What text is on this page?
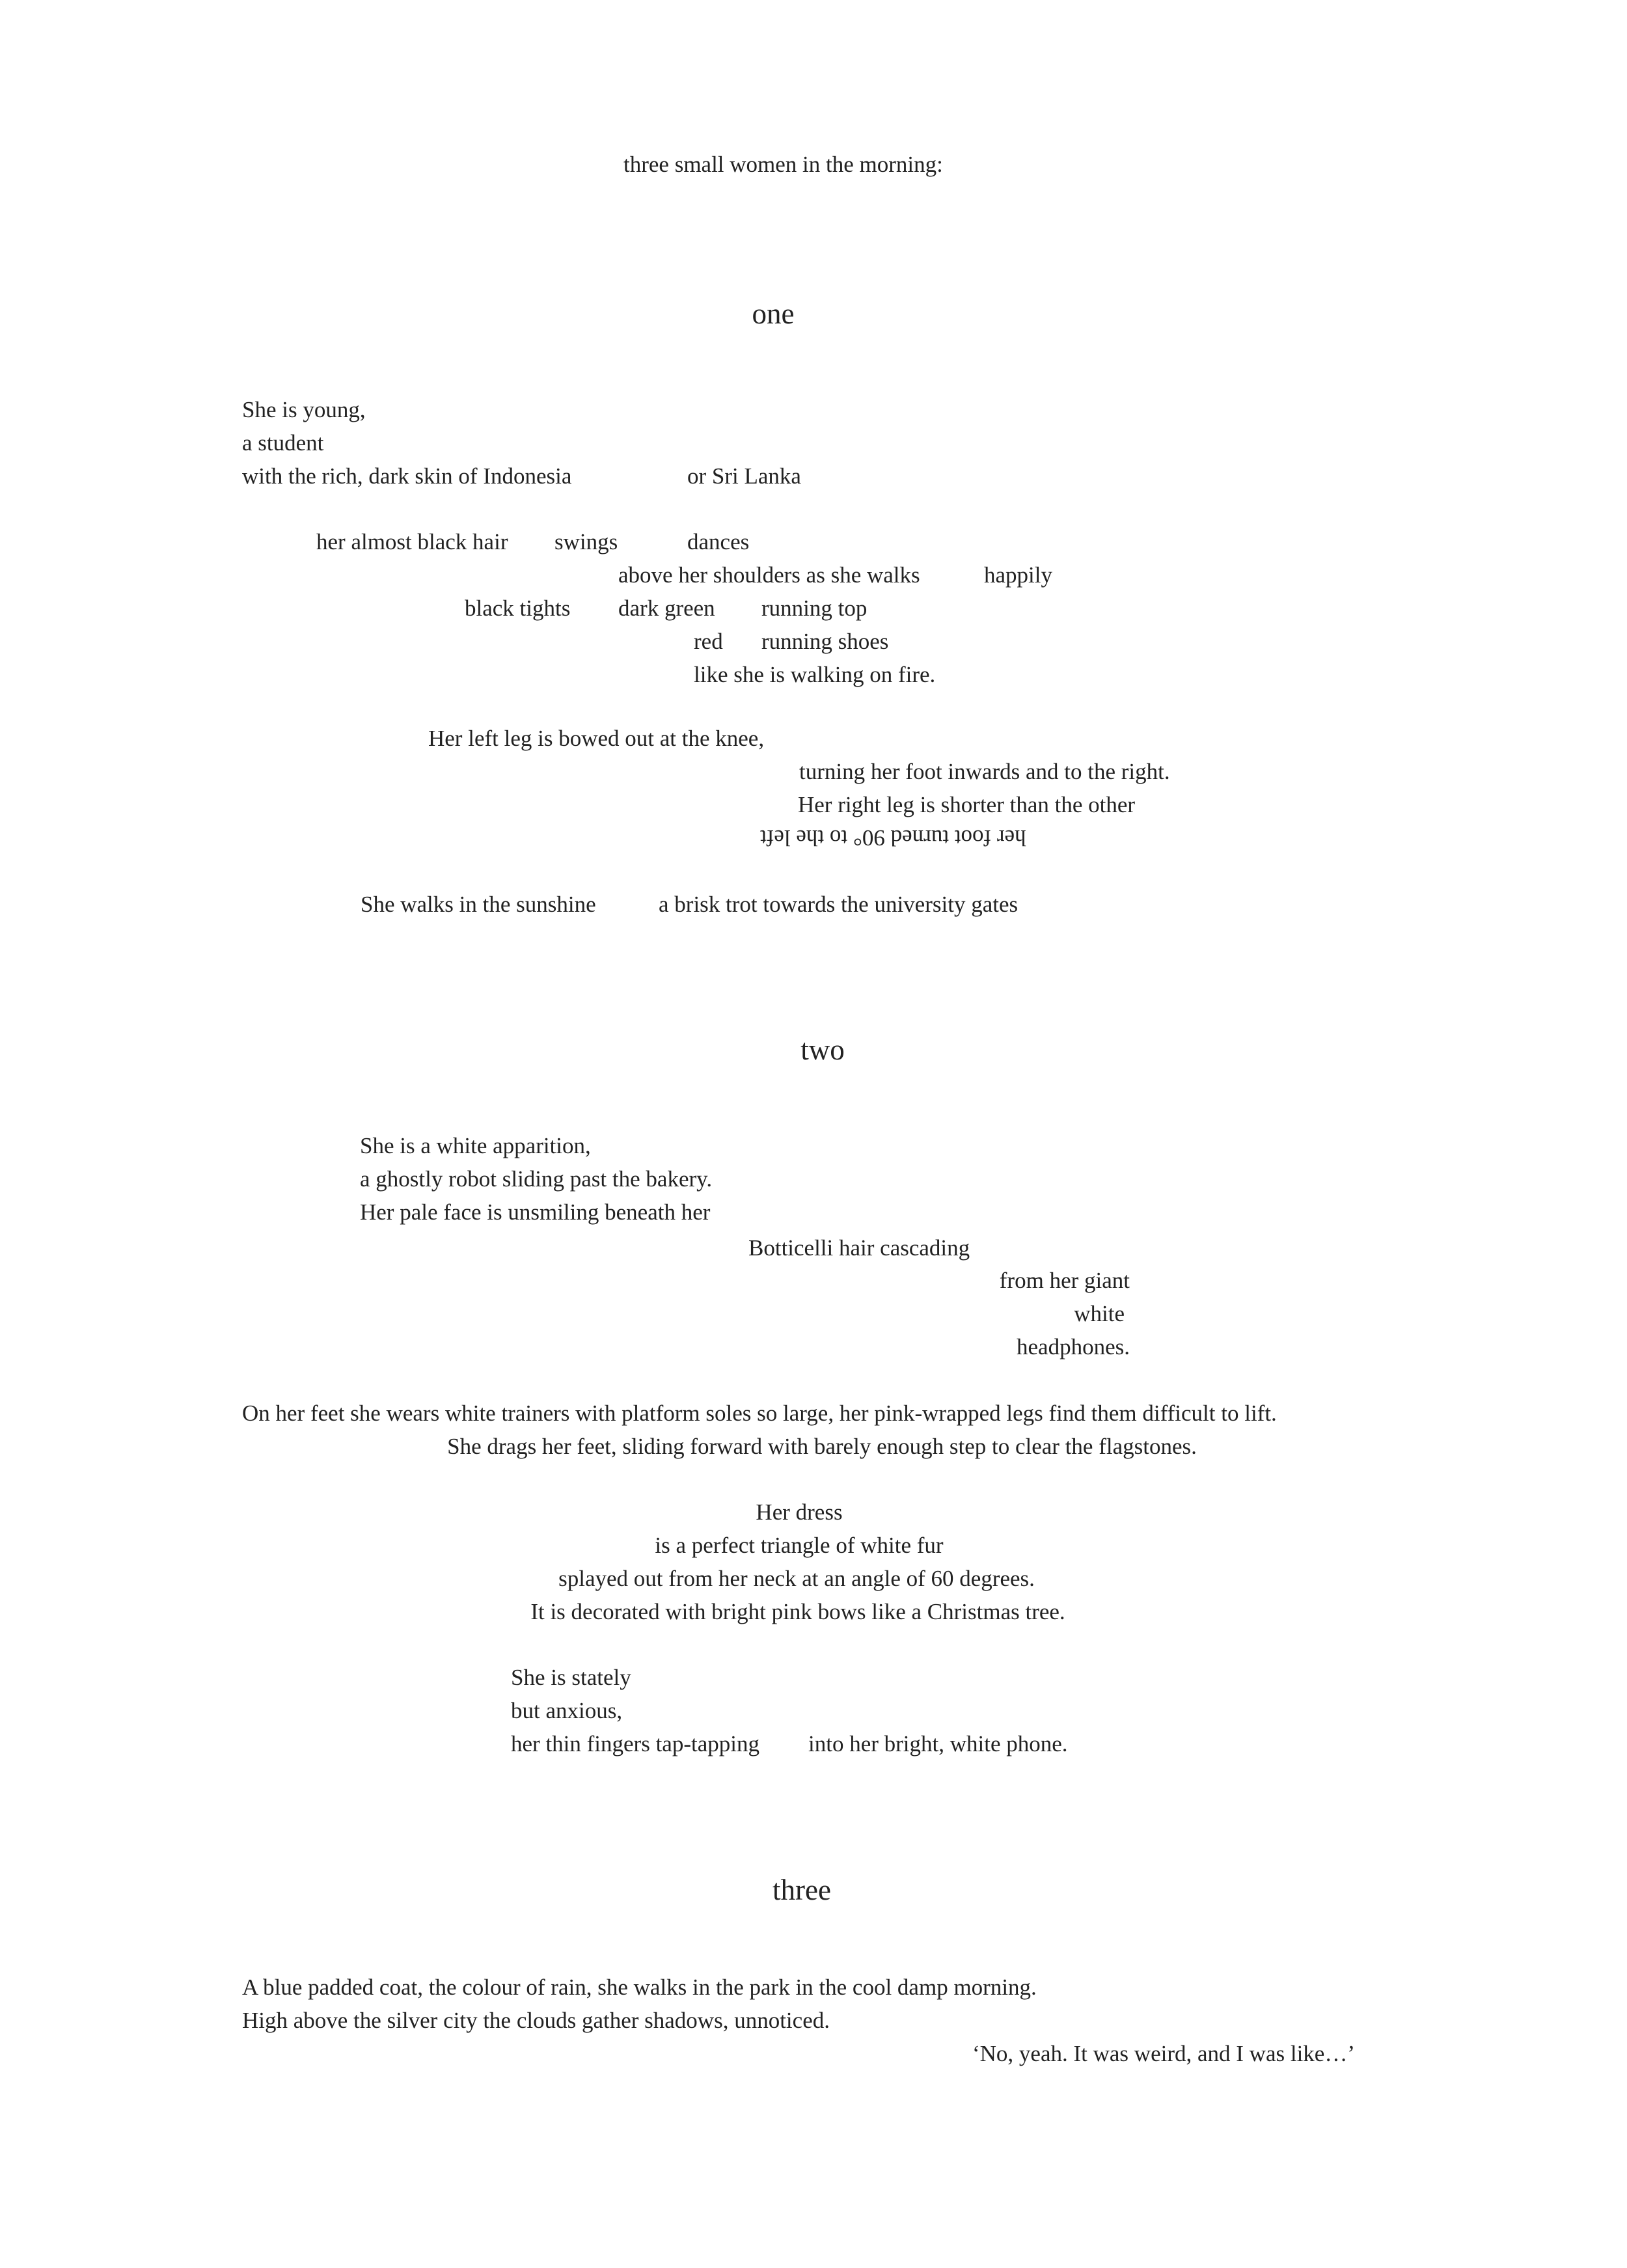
three small women in the morning:
one
She is young,
a student
with the rich, dark skin of Indonesia	or Sri Lanka
her almost black hair swings	dances
above her shoulders as she walks	happily
black tights dark green running top
red running shoes
like she is walking on fire.
Her left leg is bowed out at the knee,
turning her foot inwards and to the right.
Her right leg is shorter than the other
her foot turned 90° to the left
She walks in the sunshine	a brisk trot towards the university gates
two
She is a white apparition,
a ghostly robot sliding past the bakery.
Her pale face is unsmiling beneath her
Botticelli hair cascading
from her giant
white
headphones.
On her feet she wears white trainers with platform soles so large, her pink-wrapped legs find them difficult to lift.
She drags her feet, sliding forward with barely enough step to clear the flagstones.
Her dress
is a perfect triangle of white fur
splayed out from her neck at an angle of 60 degrees.
It is decorated with bright pink bows like a Christmas tree.
She is stately
but anxious,
her thin fingers tap-tapping into her bright, white phone.
three
A blue padded coat, the colour of rain, she walks in the park in the cool damp morning.
High above the silver city the clouds gather shadows, unnoticed.
‘No, yeah. It was weird, and I was like…’
